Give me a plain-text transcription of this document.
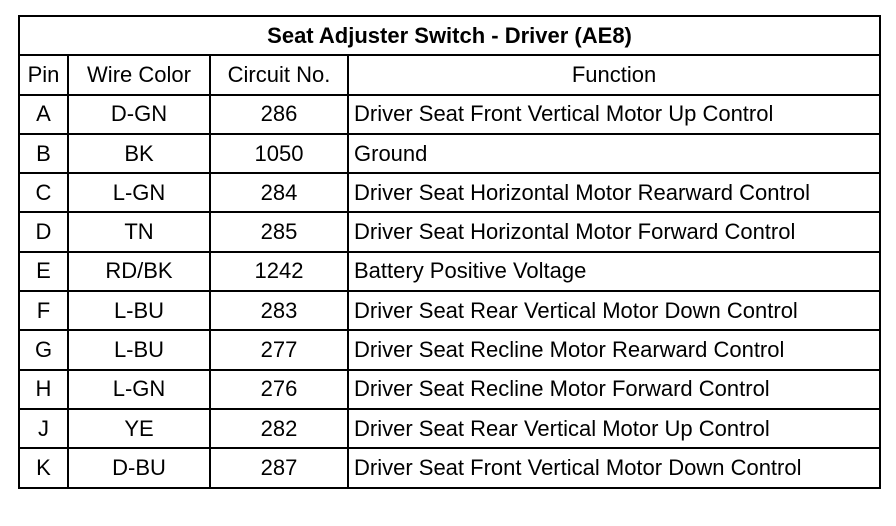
Seat Adjuster Switch - Driver (AE8)			
Pin	Wire Color	Circuit No.	Function
A	D-GN	286	Driver Seat Front Vertical Motor Up Control
B	BK	1050	Ground
C	L-GN	284	Driver Seat Horizontal Motor Rearward Control
D	TN	285	Driver Seat Horizontal Motor Forward Control
E	RD/BK	1242	Battery Positive Voltage
F	L-BU	283	Driver Seat Rear Vertical Motor Down Control
G	L-BU	277	Driver Seat Recline Motor Rearward Control
H	L-GN	276	Driver Seat Recline Motor Forward Control
J	YE	282	Driver Seat Rear Vertical Motor Up Control
K	D-BU	287	Driver Seat Front Vertical Motor Down Control
